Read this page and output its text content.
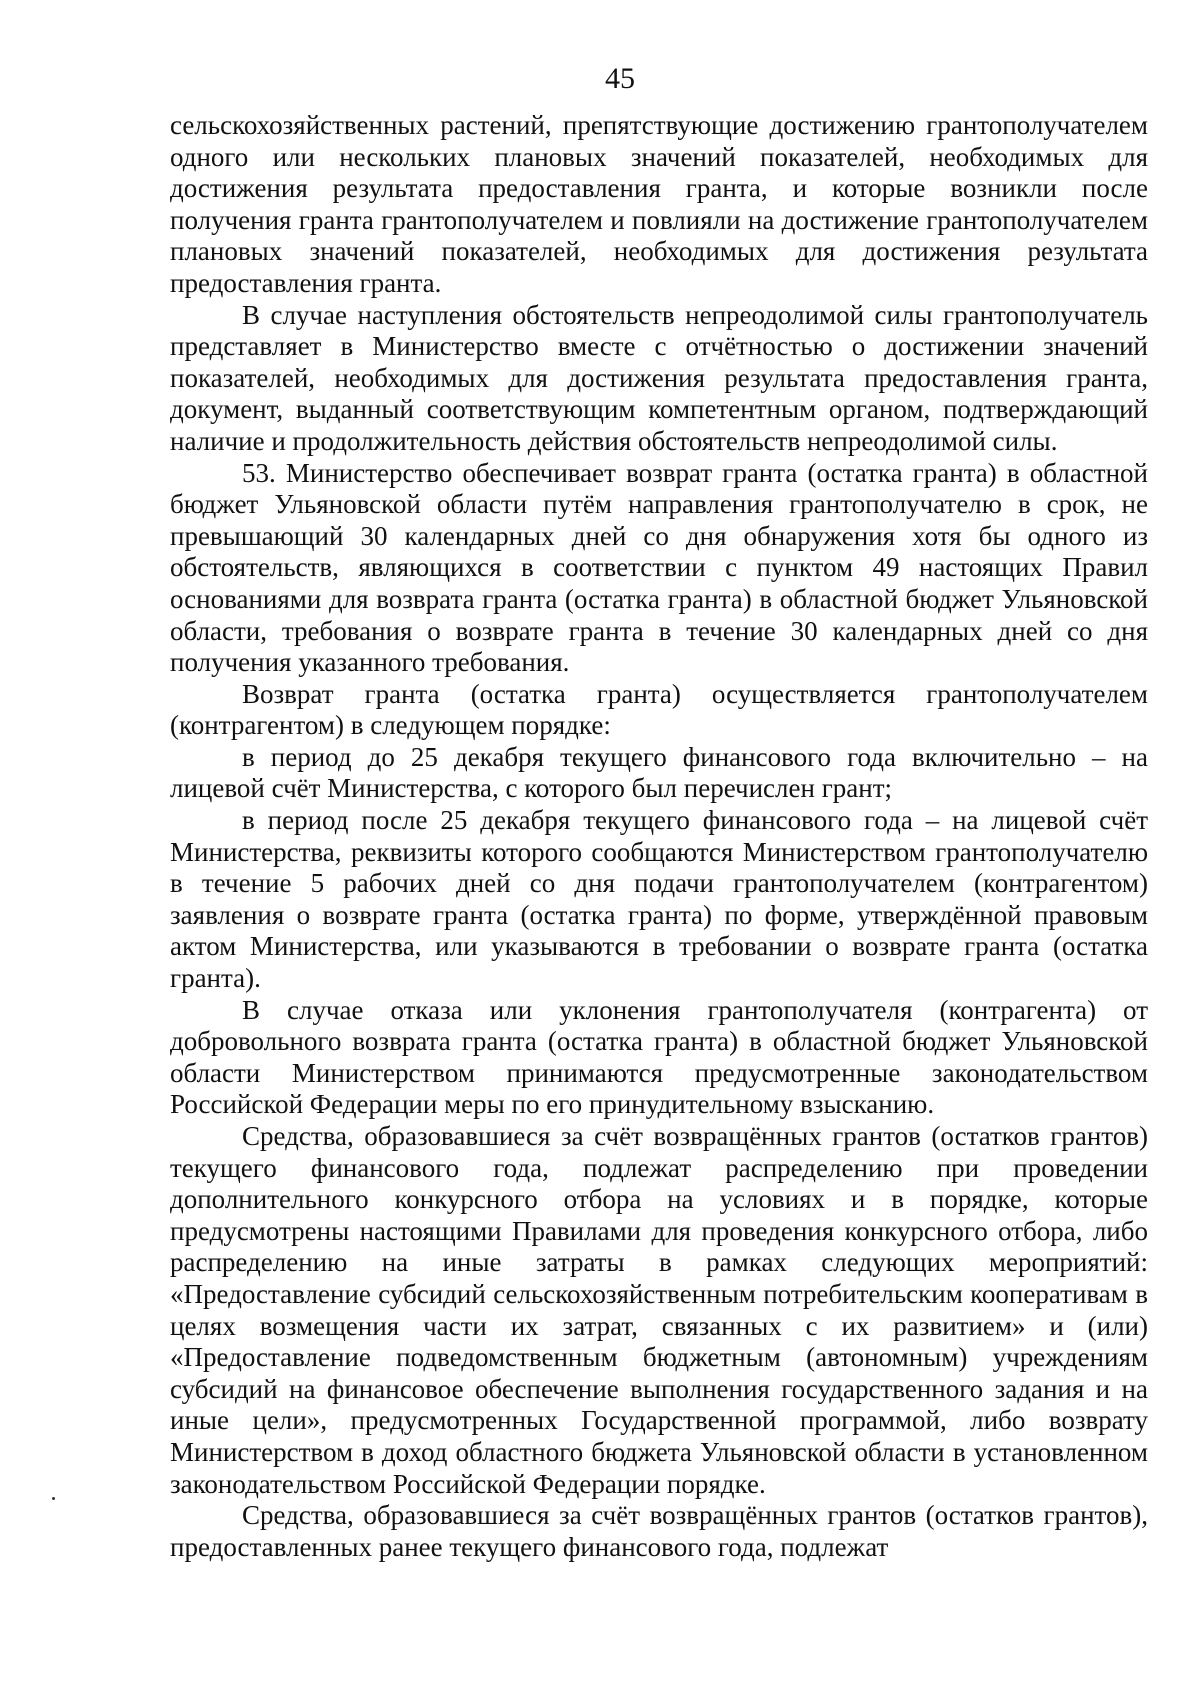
45

сельскохозяйственных растений, препятствующие достижению грантополучателем одного или нескольких плановых значений показателей, необходимых для достижения результата предоставления гранта, и которые возникли после получения гранта грантополучателем и повлияли на достижение грантополучателем плановых значений показателей, необходимых для достижения результата предоставления гранта.

В случае наступления обстоятельств непреодолимой силы грантополучатель представляет в Министерство вместе с отчётностью о достижении значений показателей, необходимых для достижения результата предоставления гранта, документ, выданный соответствующим компетентным органом, подтверждающий наличие и продолжительность действия обстоятельств непреодолимой силы.

53. Министерство обеспечивает возврат гранта (остатка гранта) в областной бюджет Ульяновской области путём направления грантополучателю в срок, не превышающий 30 календарных дней со дня обнаружения хотя бы одного из обстоятельств, являющихся в соответствии с пунктом 49 настоящих Правил основаниями для возврата гранта (остатка гранта) в областной бюджет Ульяновской области, требования о возврате гранта в течение 30 календарных дней со дня получения указанного требования.

Возврат гранта (остатка гранта) осуществляется грантополучателем (контрагентом) в следующем порядке:

в период до 25 декабря текущего финансового года включительно – на лицевой счёт Министерства, с которого был перечислен грант;

в период после 25 декабря текущего финансового года – на лицевой счёт Министерства, реквизиты которого сообщаются Министерством грантополучателю в течение 5 рабочих дней со дня подачи грантополучателем (контрагентом) заявления о возврате гранта (остатка гранта) по форме, утверждённой правовым актом Министерства, или указываются в требовании о возврате гранта (остатка гранта).

В случае отказа или уклонения грантополучателя (контрагента) от добровольного возврата гранта (остатка гранта) в областной бюджет Ульяновской области Министерством принимаются предусмотренные законодательством Российской Федерации меры по его принудительному взысканию.

Средства, образовавшиеся за счёт возвращённых грантов (остатков грантов) текущего финансового года, подлежат распределению при проведении дополнительного конкурсного отбора на условиях и в порядке, которые предусмотрены настоящими Правилами для проведения конкурсного отбора, либо распределению на иные затраты в рамках следующих мероприятий: «Предоставление субсидий сельскохозяйственным потребительским кооперативам в целях возмещения части их затрат, связанных с их развитием» и (или) «Предоставление подведомственным бюджетным (автономным) учреждениям субсидий на финансовое обеспечение выполнения государственного задания и на иные цели», предусмотренных Государственной программой, либо возврату Министерством в доход областного бюджета Ульяновской области в установленном законодательством Российской Федерации порядке.

Средства, образовавшиеся за счёт возвращённых грантов (остатков грантов), предоставленных ранее текущего финансового года, подлежат
